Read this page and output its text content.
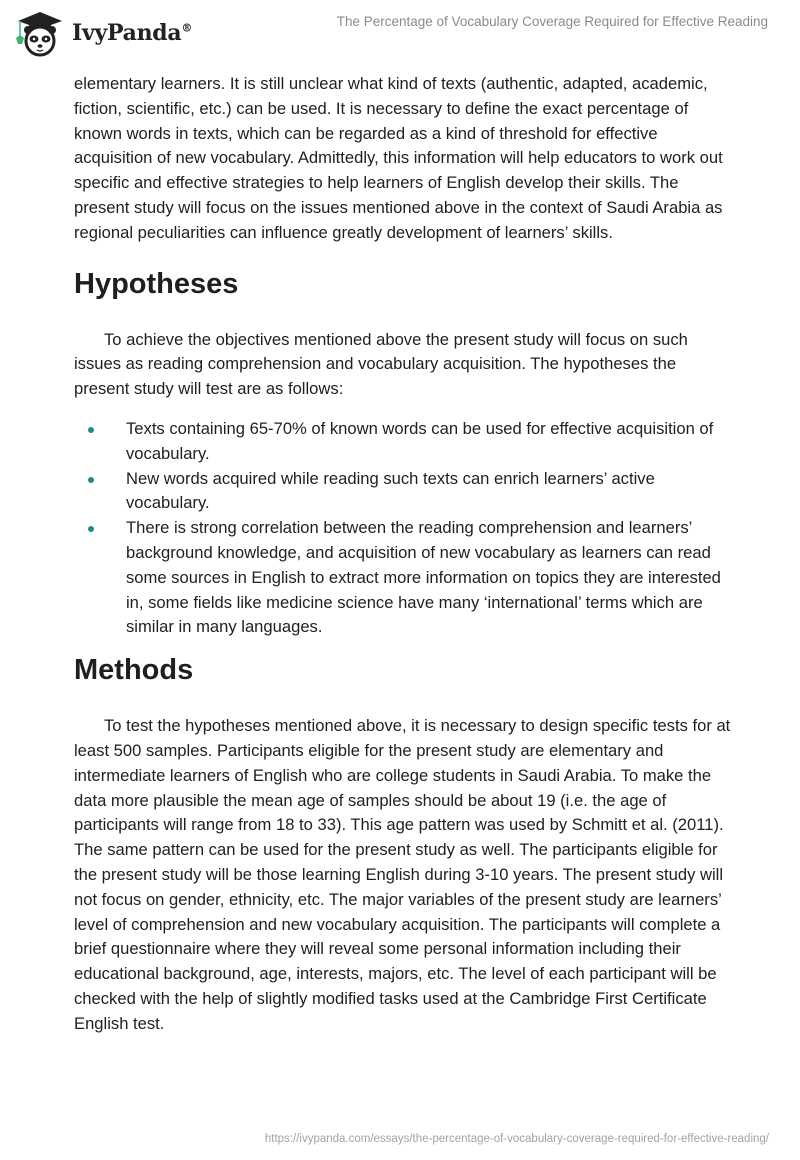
IvyPanda®	The Percentage of Vocabulary Coverage Required for Effective Reading

elementary learners. It is still unclear what kind of texts (authentic, adapted, academic, fiction, scientific, etc.) can be used. It is necessary to define the exact percentage of known words in texts, which can be regarded as a kind of threshold for effective acquisition of new vocabulary. Admittedly, this information will help educators to work out specific and effective strategies to help learners of English develop their skills. The present study will focus on the issues mentioned above in the context of Saudi Arabia as regional peculiarities can influence greatly development of learners’ skills.

Hypotheses

To achieve the objectives mentioned above the present study will focus on such issues as reading comprehension and vocabulary acquisition. The hypotheses the present study will test are as follows:

Texts containing 65-70% of known words can be used for effective acquisition of vocabulary.
New words acquired while reading such texts can enrich learners’ active vocabulary.
There is strong correlation between the reading comprehension and learners’ background knowledge, and acquisition of new vocabulary as learners can read some sources in English to extract more information on topics they are interested in, some fields like medicine science have many ‘international’ terms which are similar in many languages.
Methods

To test the hypotheses mentioned above, it is necessary to design specific tests for at least 500 samples. Participants eligible for the present study are elementary and intermediate learners of English who are college students in Saudi Arabia. To make the data more plausible the mean age of samples should be about 19 (i.e. the age of participants will range from 18 to 33). This age pattern was used by Schmitt et al. (2011). The same pattern can be used for the present study as well. The participants eligible for the present study will be those learning English during 3-10 years. The present study will not focus on gender, ethnicity, etc. The major variables of the present study are learners’ level of comprehension and new vocabulary acquisition. The participants will complete a brief questionnaire where they will reveal some personal information including their educational background, age, interests, majors, etc. The level of each participant will be checked with the help of slightly modified tasks used at the Cambridge First Certificate English test.

https://ivypanda.com/essays/the-percentage-of-vocabulary-coverage-required-for-effective-reading/
